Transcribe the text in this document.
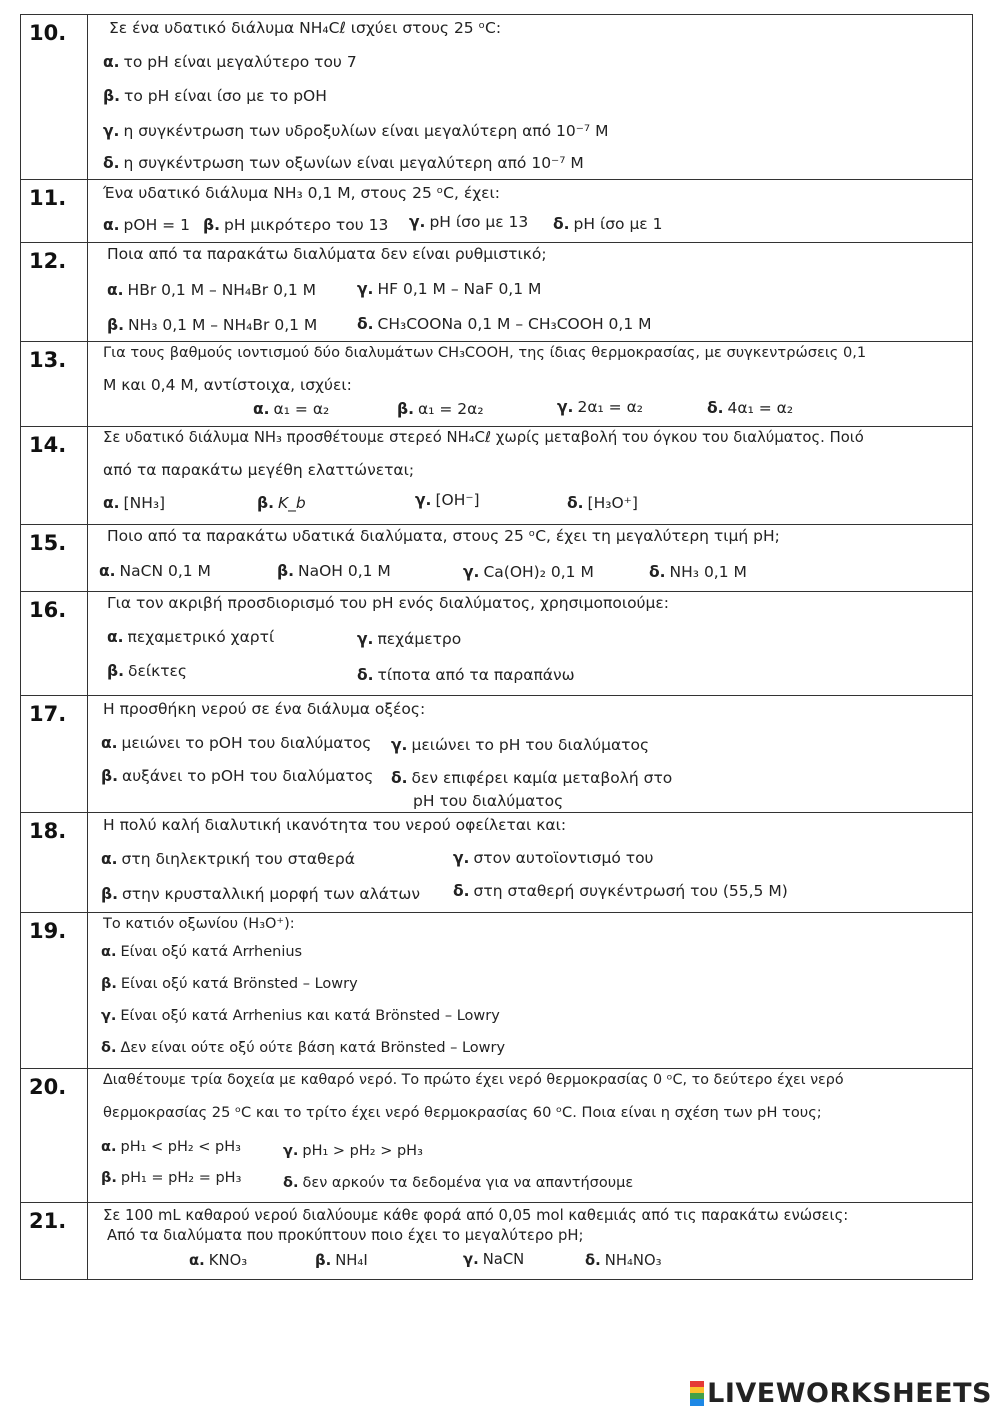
10.	Σε ένα υδατικό διάλυμα NH₄Cℓ ισχύει στους 25 ᵒC:
α. το pH είναι μεγαλύτερο του 7
β. το pH είναι ίσο με το pOH
γ. η συγκέντρωση των υδροξυλίων είναι μεγαλύτερη από 10⁻⁷ M
δ. η συγκέντρωση των οξωνίων είναι μεγαλύτερη από 10⁻⁷ M
11. Ένα υδατικό διάλυμα NH₃ 0,1 M, στους 25 ᵒC, έχει:
α. pOH = 1 β. pH μικρότερο του 13 γ. pH ίσο με 13 δ. pH ίσο με 1
12.	Ποια από τα παρακάτω διαλύματα δεν είναι ρυθμιστικό;
α. HBr 0,1 M – NH₄Br 0,1 M	γ. HF 0,1 M – NaF 0,1 M
β. NH₃ 0,1 M – NH₄Br 0,1 M	δ. CH₃COONa 0,1 M – CH₃COOH 0,1 M
13.	Για τους βαθμούς ιοντισμού δύο διαλυμάτων CH₃COOH, της ίδιας θερμοκρασίας, με συγκεντρώσεις 0,1
M και 0,4 M, αντίστοιχα, ισχύει:
α. α₁ = α₂	β. α₁ = 2α₂	γ. 2α₁ = α₂	δ. 4α₁ = α₂
14. Σε υδατικό διάλυμα NH₃ προσθέτουμε στερεό NH₄Cℓ χωρίς μεταβολή του όγκου του διαλύματος. Ποιό
από τα παρακάτω μεγέθη ελαττώνεται;
α. [NH₃]	β. K_b	γ. [OH⁻]	δ. [H₃O⁺]
15.	Ποιο από τα παρακάτω υδατικά διαλύματα, στους 25 ᵒC, έχει τη μεγαλύτερη τιμή pH;
α. NaCN 0,1 M	β. NaOH 0,1 M	γ. Ca(OH)₂ 0,1 M	δ. NH₃ 0,1 M
16.	Για τον ακριβή προσδιορισμό του pH ενός διαλύματος, χρησιμοποιούμε:
α. πεχαμετρικό χαρτί	γ. πεχάμετρο
β. δείκτες	δ. τίποτα από τα παραπάνω
17. Η προσθήκη νερού σε ένα διάλυμα οξέος:
α. μειώνει το pOH του διαλύματος γ. μειώνει το pH του διαλύματος
β. αυξάνει το pOH του διαλύματος δ. δεν επιφέρει καμία μεταβολή στο
pH του διαλύματος
18. Η πολύ καλή διαλυτική ικανότητα του νερού οφείλεται και:
α. στη διηλεκτρική του σταθερά	γ. στον αυτοϊοντισμό του
β. στην κρυσταλλική μορφή των αλάτων δ. στη σταθερή συγκέντρωσή του (55,5 M)
19.	Το κατιόν οξωνίου (H₃O⁺):
α. Είναι οξύ κατά Arrhenius
β. Είναι οξύ κατά Brönsted – Lowry
γ. Είναι οξύ κατά Arrhenius και κατά Brönsted – Lowry
δ. Δεν είναι ούτε οξύ ούτε βάση κατά Brönsted – Lowry
20.	Διαθέτουμε τρία δοχεία με καθαρό νερό. Το πρώτο έχει νερό θερμοκρασίας 0 ᵒC, το δεύτερο έχει νερό
θερμοκρασίας 25 ᵒC και το τρίτο έχει νερό θερμοκρασίας 60 ᵒC. Ποια είναι η σχέση των pH τους;
α. pH₁ < pH₂ < pH₃	γ. pH₁ > pH₂ > pH₃
β. pH₁ = pH₂ = pH₃	δ. δεν αρκούν τα δεδομένα για να απαντήσουμε
21. Σε 100 mL καθαρού νερού διαλύουμε κάθε φορά από 0,05 mol καθεμιάς από τις παρακάτω ενώσεις:
Από τα διαλύματα που προκύπτουν ποιο έχει το μεγαλύτερο pH;
α. KNO₃	β. NH₄I	γ. NaCN	δ. NH₄NO₃
LIVEWORKSHEETS
